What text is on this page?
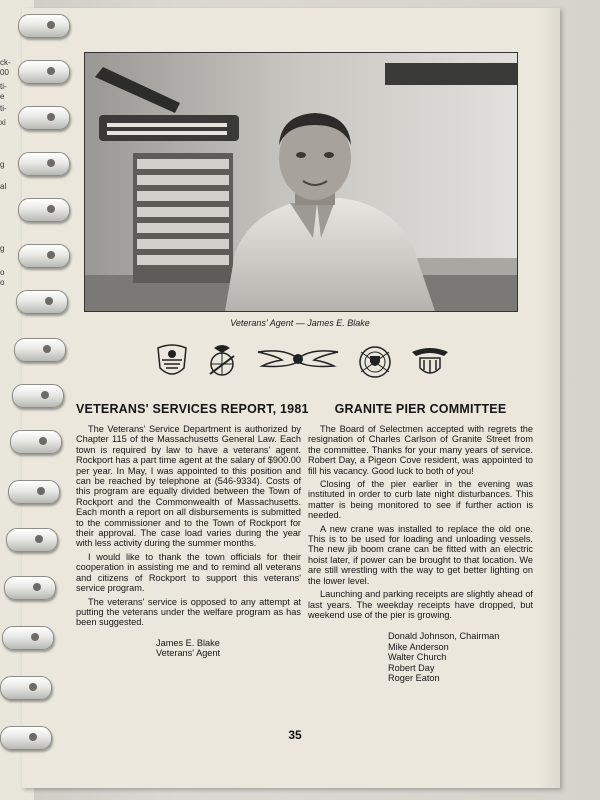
ck-
00
ti-
e
ti-
xi
g
al
g
o
o
Veterans' Agent — James E. Blake
VETERANS' SERVICES REPORT, 1981

The Veterans' Service Department is authorized by Chapter 115 of the Massachusetts General Law. Each town is required by law to have a veterans' agent. Rockport has a part time agent at the salary of $900.00 per year. In May, I was appointed to this position and can be reached by telephone at (546-9334). Costs of this program are equally divided between the Town of Rockport and the Commonwealth of Massachusetts. Each month a report on all disbursements is submitted to the commissioner and to the Town of Rockport for their approval. The case load varies during the year with less activity during the summer months.

I would like to thank the town officials for their cooperation in assisting me and to remind all veterans and citizens of Rockport to support this veterans' service program.

The veterans' service is opposed to any attempt at putting the veterans under the welfare program as has been suggested.

James E. Blake
Veterans' Agent
GRANITE PIER COMMITTEE

The Board of Selectmen accepted with regrets the resignation of Charles Carlson of Granite Street from the committee. Thanks for your many years of service. Robert Day, a Pigeon Cove resident, was appointed to fill his vacancy. Good luck to both of you!

Closing of the pier earlier in the evening was instituted in order to curb late night disturbances. This matter is being monitored to see if further action is needed.

A new crane was installed to replace the old one. This is to be used for loading and unloading vessels. The new jib boom crane can be fitted with an electric hoist later, if power can be brought to that location. We are still wrestling with the way to get better lighting on the lower level.

Launching and parking receipts are slightly ahead of last years. The weekday receipts have dropped, but weekend use of the pier is growing.

Donald Johnson, Chairman
Mike Anderson
Walter Church
Robert Day
Roger Eaton
35
